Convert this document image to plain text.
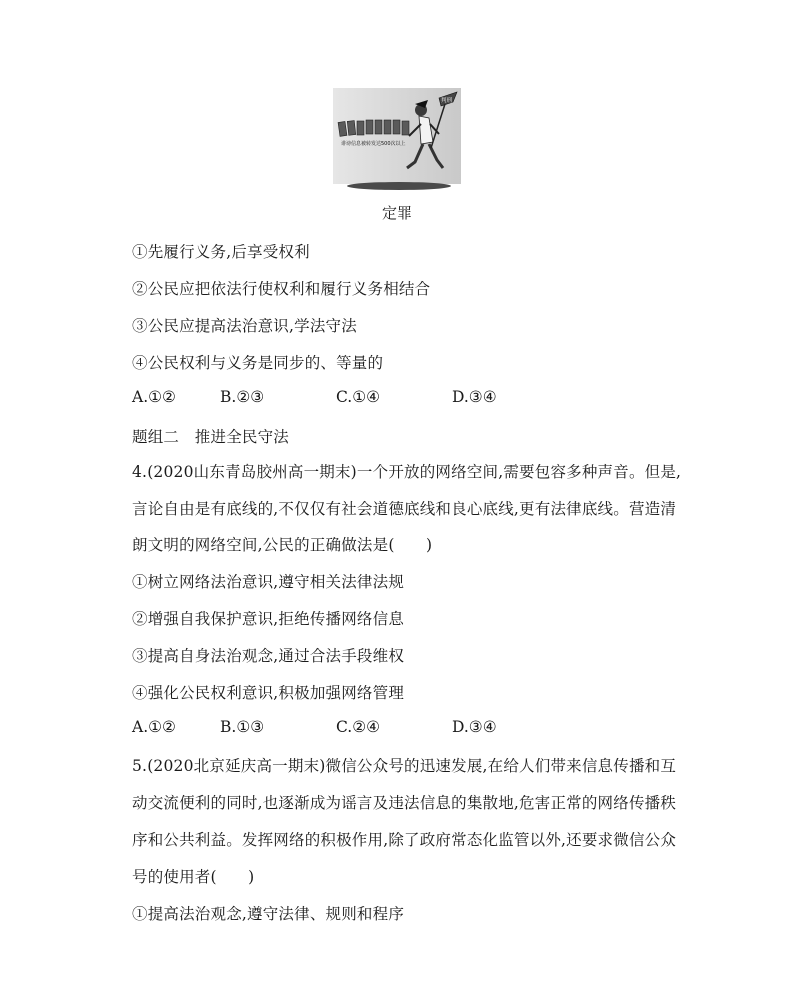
诽谤信息被转发达500次以上
判刑
定罪
①先履行义务,后享受权利
②公民应把依法行使权利和履行义务相结合
③公民应提高法治意识,学法守法
④公民权利与义务是同步的、等量的
A.①②	B.②③	C.①④	D.③④
题组二　推进全民守法
4.(2020山东青岛胶州高一期末)一个开放的网络空间,需要包容多种声音。但是,
言论自由是有底线的,不仅仅有社会道德底线和良心底线,更有法律底线。营造清
朗文明的网络空间,公民的正确做法是(　　)
①树立网络法治意识,遵守相关法律法规
②增强自我保护意识,拒绝传播网络信息
③提高自身法治观念,通过合法手段维权
④强化公民权利意识,积极加强网络管理
A.①②	B.①③	C.②④	D.③④
5.(2020北京延庆高一期末)微信公众号的迅速发展,在给人们带来信息传播和互
动交流便利的同时,也逐渐成为谣言及违法信息的集散地,危害正常的网络传播秩
序和公共利益。发挥网络的积极作用,除了政府常态化监管以外,还要求微信公众
号的使用者(　　)
①提高法治观念,遵守法律、规则和程序
